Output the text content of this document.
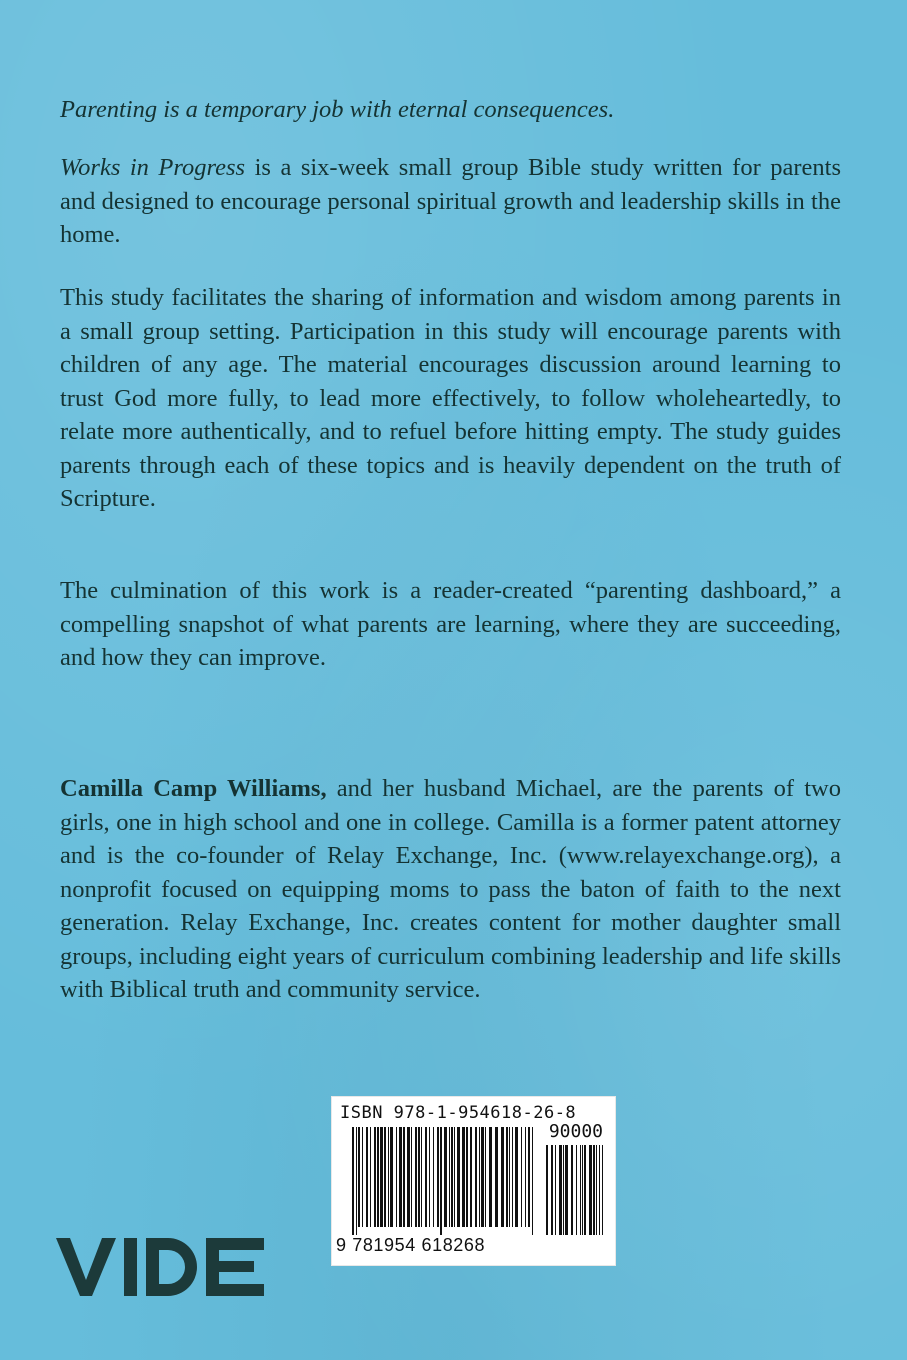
Parenting is a temporary job with eternal consequences.

Works in Progress is a six-week small group Bible study written for parents and designed to encourage personal spiritual growth and leadership skills in the home.

This study facilitates the sharing of information and wisdom among parents in a small group setting. Participation in this study will encourage parents with children of any age. The material encourages discussion around learning to trust God more fully, to lead more effectively, to follow wholeheartedly, to relate more authentically, and to refuel before hitting empty. The study guides parents through each of these topics and is heavily dependent on the truth of Scripture.

The culmination of this work is a reader-created “parenting dashboard,” a compelling snapshot of what parents are learning, where they are succeeding, and how they can improve.

Camilla Camp Williams, and her husband Michael, are the parents of two girls, one in high school and one in college. Camilla is a former patent attorney and is the co-founder of Relay Exchange, Inc. (www.relayexchange.org), a nonprofit focused on equipping moms to pass the baton of faith to the next generation. Relay Exchange, Inc. creates content for mother daughter small groups, including eight years of curriculum combining leadership and life skills with Biblical truth and community service.

ISBN 978-1-954618-26-8
90000
9 781954 618268
